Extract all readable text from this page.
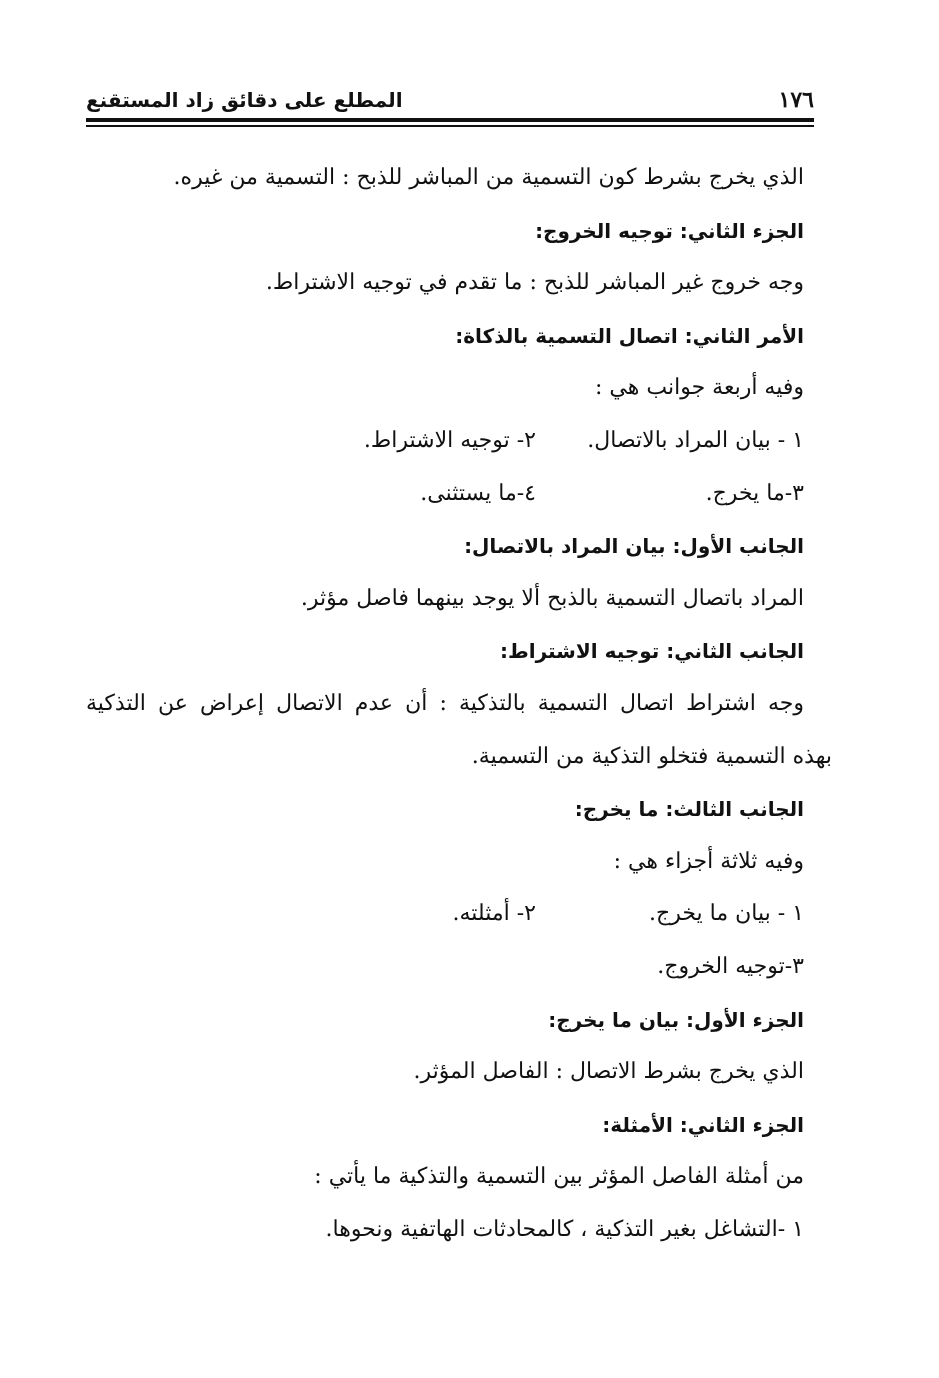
١٧٦
المطلع على دقائق زاد المستقنع
الذي يخرج بشرط كون التسمية من المباشر للذبح : التسمية من غيره.
الجزء الثاني: توجيه الخروج:
وجه خروج غير المباشر للذبح : ما تقدم في توجيه الاشتراط.
الأمر الثاني: اتصال التسمية بالذكاة:
وفيه أربعة جوانب هي :
١ - بيان المراد بالاتصال.
٢- توجيه الاشتراط.
٣-ما يخرج.
٤-ما يستثنى.
الجانب الأول: بيان المراد بالاتصال:
المراد باتصال التسمية بالذبح ألا يوجد بينهما فاصل مؤثر.
الجانب الثاني: توجيه الاشتراط:
وجه اشتراط اتصال التسمية بالتذكية : أن عدم الاتصال إعراض عن التذكية
بهذه التسمية فتخلو التذكية من التسمية.
الجانب الثالث: ما يخرج:
وفيه ثلاثة أجزاء هي :
١ - بيان ما يخرج.
٢- أمثلته.
٣-توجيه الخروج.
الجزء الأول: بيان ما يخرج:
الذي يخرج بشرط الاتصال : الفاصل المؤثر.
الجزء الثاني: الأمثلة:
من أمثلة الفاصل المؤثر بين التسمية والتذكية ما يأتي :
١ -التشاغل بغير التذكية ، كالمحادثات الهاتفية ونحوها.
